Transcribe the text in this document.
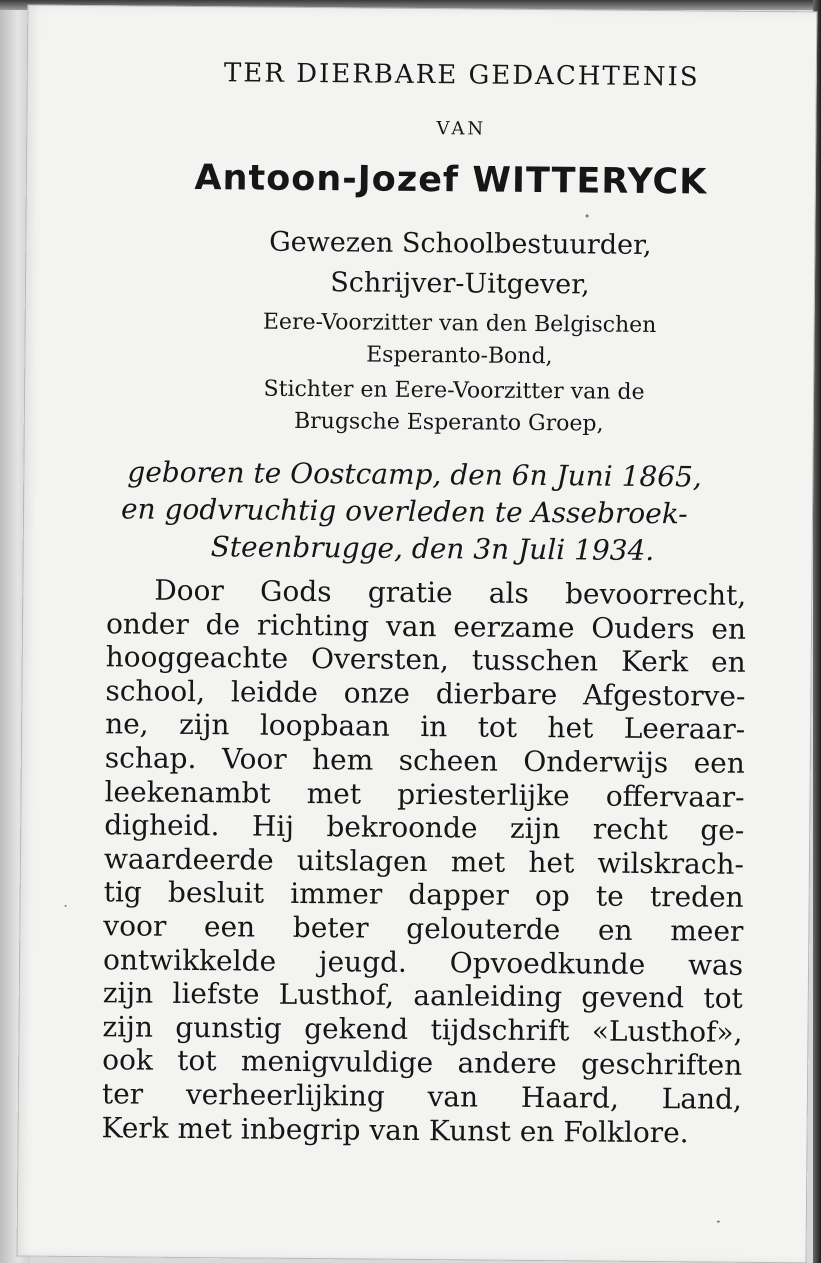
TER DIERBARE GEDACHTENIS
VAN
Antoon-Jozef WITTERYCK
Gewezen Schoolbestuurder,
Schrijver-Uitgever,
Eere-Voorzitter van den Belgischen
Esperanto-Bond,
Stichter en Eere-Voorzitter van de
Brugsche Esperanto Groep,
geboren te Oostcamp, den 6n Juni 1865,
en godvruchtig overleden te Assebroek-
Steenbrugge, den 3n Juli 1934.
Door Gods gratie als bevoorrecht,
onder de richting van eerzame Ouders en
hooggeachte Oversten, tusschen Kerk en
school, leidde onze dierbare Afgestorve-
ne, zijn loopbaan in tot het Leeraar-
schap. Voor hem scheen Onderwijs een
leekenambt met priesterlijke offervaar-
digheid. Hij bekroonde zijn recht ge-
waardeerde uitslagen met het wilskrach-
tig besluit immer dapper op te treden
voor een beter gelouterde en meer
ontwikkelde jeugd. Opvoedkunde was
zijn liefste Lusthof, aanleiding gevend tot
zijn gunstig gekend tijdschrift «Lusthof»,
ook tot menigvuldige andere geschriften
ter verheerlijking van Haard, Land,
Kerk met inbegrip van Kunst en Folklore.
